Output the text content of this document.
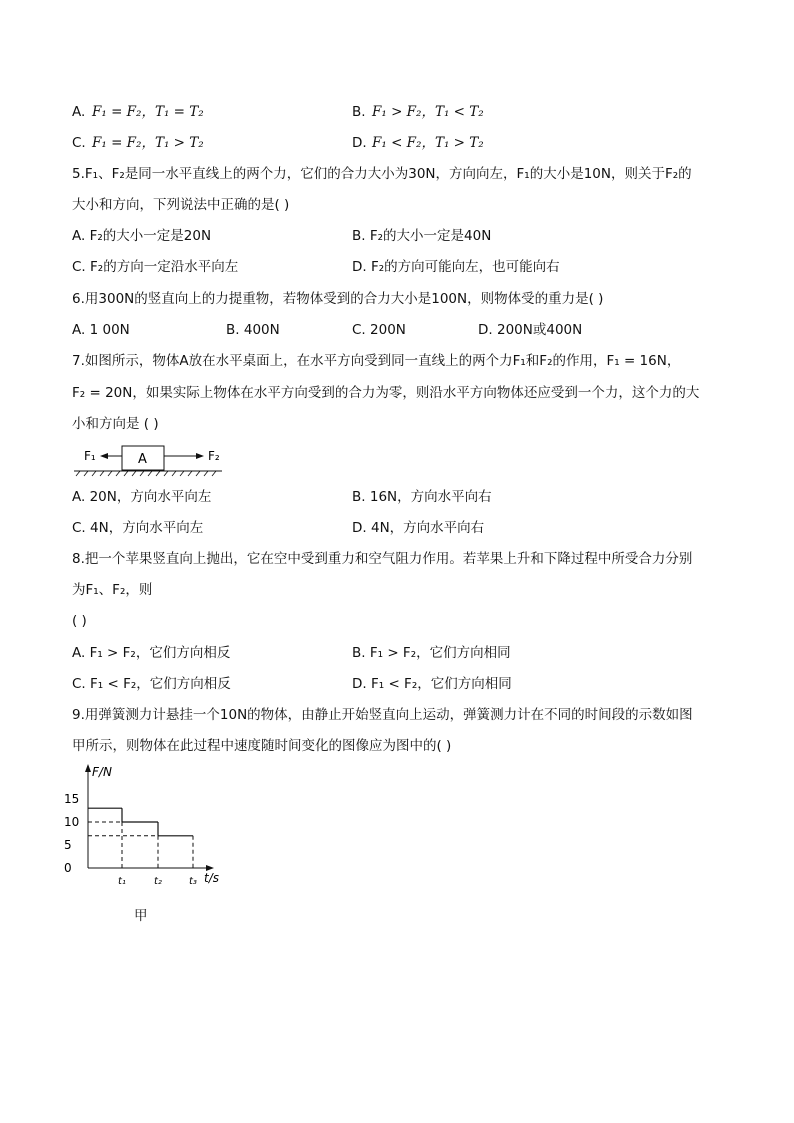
A. F₁ = F₂，T₁ = T₂	B. F₁ > F₂，T₁ < T₂
C. F₁ = F₂，T₁ > T₂	D. F₁ < F₂，T₁ > T₂
5.F₁、F₂是同一水平直线上的两个力，它们的合力大小为30N，方向向左，F₁的大小是10N，则关于F₂的
大小和方向，下列说法中正确的是( )
A. F₂的大小一定是20N	B. F₂的大小一定是40N
C. F₂的方向一定沿水平向左	D. F₂的方向可能向左，也可能向右
6.用300N的竖直向上的力提重物，若物体受到的合力大小是100N，则物体受的重力是( )
A. 1 00N	B. 400N	C. 200N	D. 200N或400N
7.如图所示，物体A放在水平桌面上，在水平方向受到同一直线上的两个力F₁和F₂的作用，F₁ = 16N，
F₂ = 20N，如果实际上物体在水平方向受到的合力为零，则沿水平方向物体还应受到一个力，这个力的大
小和方向是 ( )
F₁	A	F₂
A. 20N，方向水平向左	B. 16N，方向水平向右
C. 4N，方向水平向左	D. 4N，方向水平向右
8.把一个苹果竖直向上抛出，它在空中受到重力和空气阻力作用。若苹果上升和下降过程中所受合力分别
为F₁、F₂，则
( )
A. F₁ > F₂，它们方向相反	B. F₁ > F₂，它们方向相同
C. F₁ < F₂，它们方向相反	D. F₁ < F₂，它们方向相同
9.用弹簧测力计悬挂一个10N的物体，由静止开始竖直向上运动，弹簧测力计在不同的时间段的示数如图
甲所示，则物体在此过程中速度随时间变化的图像应为图中的( )
F/N
t/s
15
10
5
0
t₁	t₂	t₃
甲
